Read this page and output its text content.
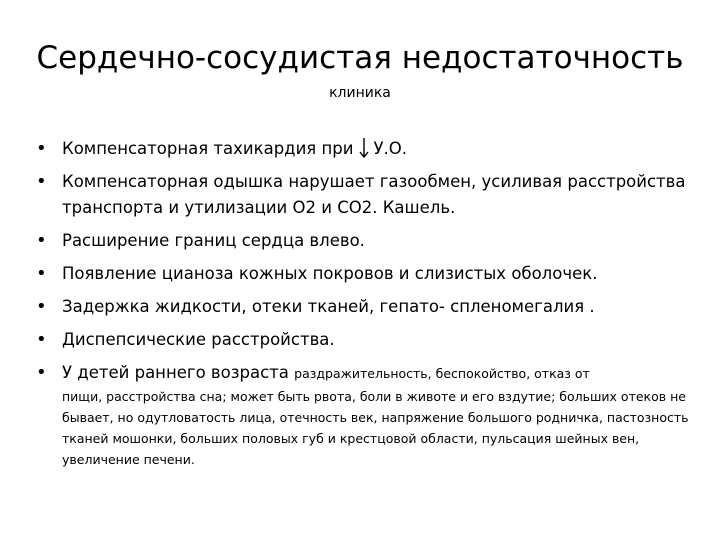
Сердечно-сосудистая недостаточность
клиника
• Компенсаторная тахикардия при У.О.
• Компенсаторная одышка нарушает газообмен, усиливая расстройства транспорта и утилизации О2 и СО2. Кашель.
• Расширение границ сердца влево.
• Появление цианоза кожных покровов и слизистых оболочек.
• Задержка жидкости, отеки тканей, гепато- спленомегалия .
• Диспепсические расстройства.
• У детей раннего возраста раздражительность, беспокойство, отказ от
пищи, расстройства сна; может быть рвота, боли в животе и его вздутие; больших отеков не бывает, но одутловатость лица, отечность век, напряжение большого родничка, пастозность тканей мошонки, больших половых губ и крестцовой области, пульсация шейных вен, увеличение печени.
